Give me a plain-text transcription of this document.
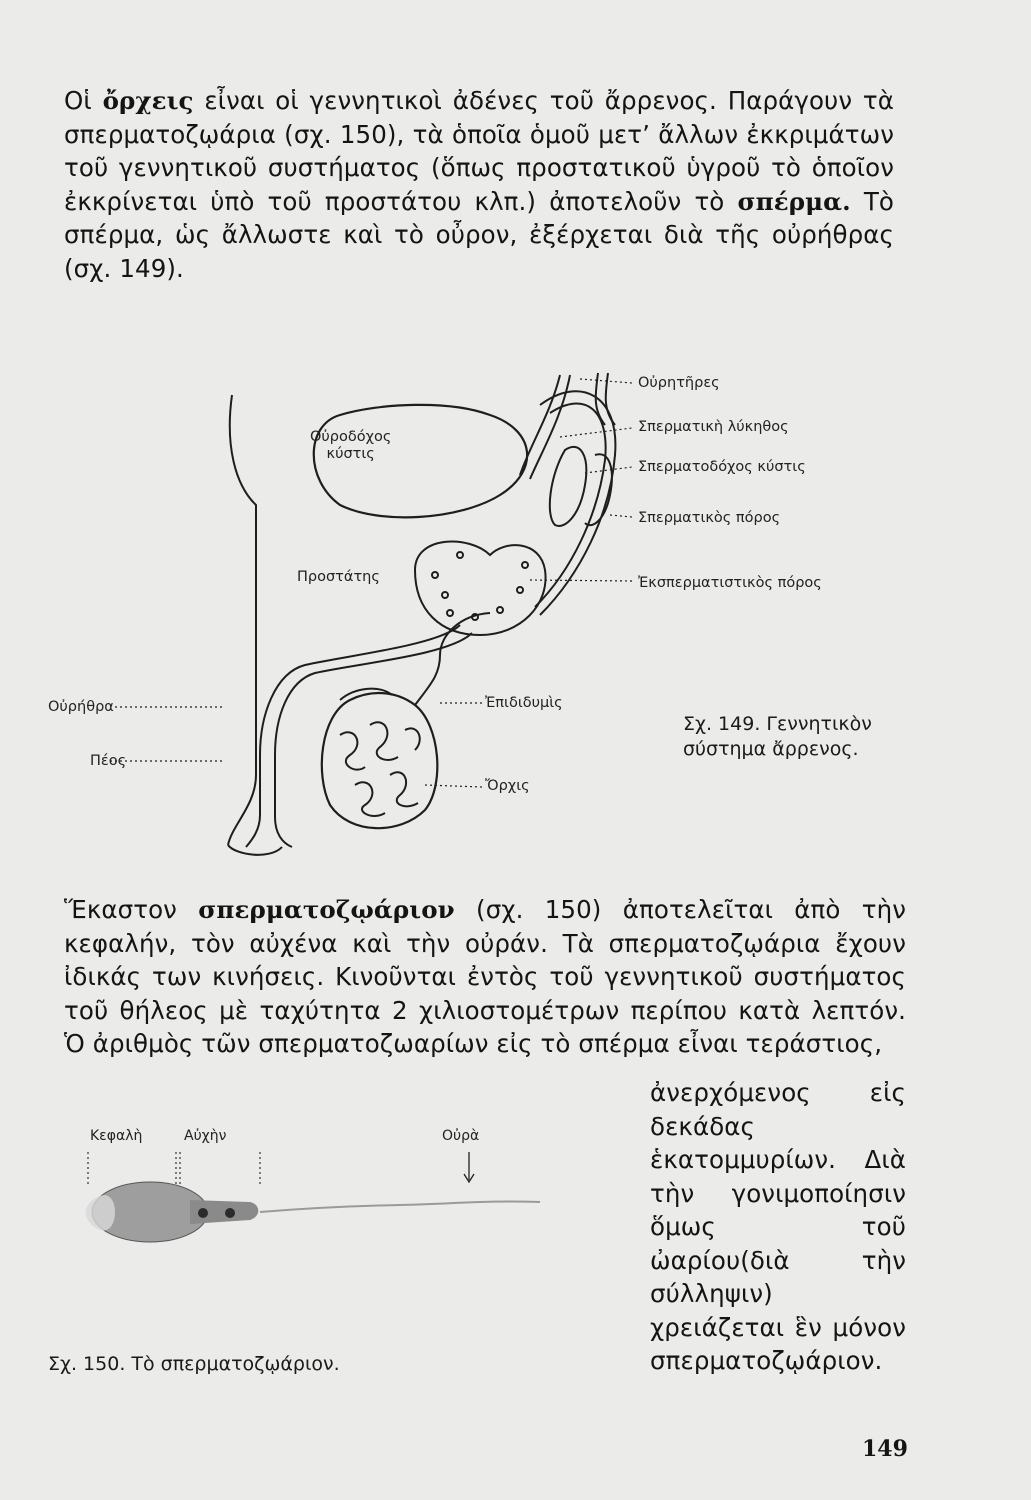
Οἱ ὄρχεις εἶναι οἱ γεννητικοὶ ἀδένες τοῦ ἄρρενος. Παράγουν τὰ σπερματοζῳάρια (σχ. 150), τὰ ὁποῖα ὁμοῦ μετ’ ἄλλων ἐκκριμάτων τοῦ γεννητικοῦ συστήματος (ὅπως προστατικοῦ ὑγροῦ τὸ ὁποῖον ἐκκρίνεται ὑπὸ τοῦ προστάτου κλπ.) ἀποτελοῦν τὸ σπέρμα. Τὸ σπέρμα, ὡς ἄλλωστε καὶ τὸ οὖρον, ἐξέρχεται διὰ τῆς οὐρήθρας (σχ. 149).

Οὐροδόχος
κύστις
Προστάτης
Οὐρήθρα
Πέος
Οὐρητῆρες
Σπερματικὴ λύκηθος
Σπερματοδόχος κύστις
Σπερματικὸς πόρος
Ἐκσπερματιστικὸς πόρος
Ἐπιδιδυμὶς
Ὄρχις
Σχ. 149. Γεννητικὸν σύστημα ἄρρενος.

Ἕκαστον σπερματοζῳάριον (σχ. 150) ἀποτελεῖται ἀπὸ τὴν κεφαλήν, τὸν αὐχένα καὶ τὴν οὐράν. Τὰ σπερματοζῳάρια ἔχουν ἰδικάς των κινήσεις. Κινοῦνται ἐντὸς τοῦ γεννητικοῦ συστήματος τοῦ θήλεος μὲ ταχύτητα 2 χιλιοστομέτρων περίπου κατὰ λεπτόν. Ὁ ἀριθμὸς τῶν σπερματοζωαρίων εἰς τὸ σπέρμα εἶναι τεράστιος,

ἀνερχόμενος εἰς δεκάδας ἑκατομμυρίων. Διὰ τὴν γονιμοποίησιν ὅμως τοῦ ὠαρίου(διὰ τὴν σύλληψιν) χρειάζεται ἓν μόνον σπερματοζῳάριον.

Κεφαλὴ	Αὐχὴν	Οὐρὰ
Σχ. 150. Τὸ σπερματοζῳάριον.
149
